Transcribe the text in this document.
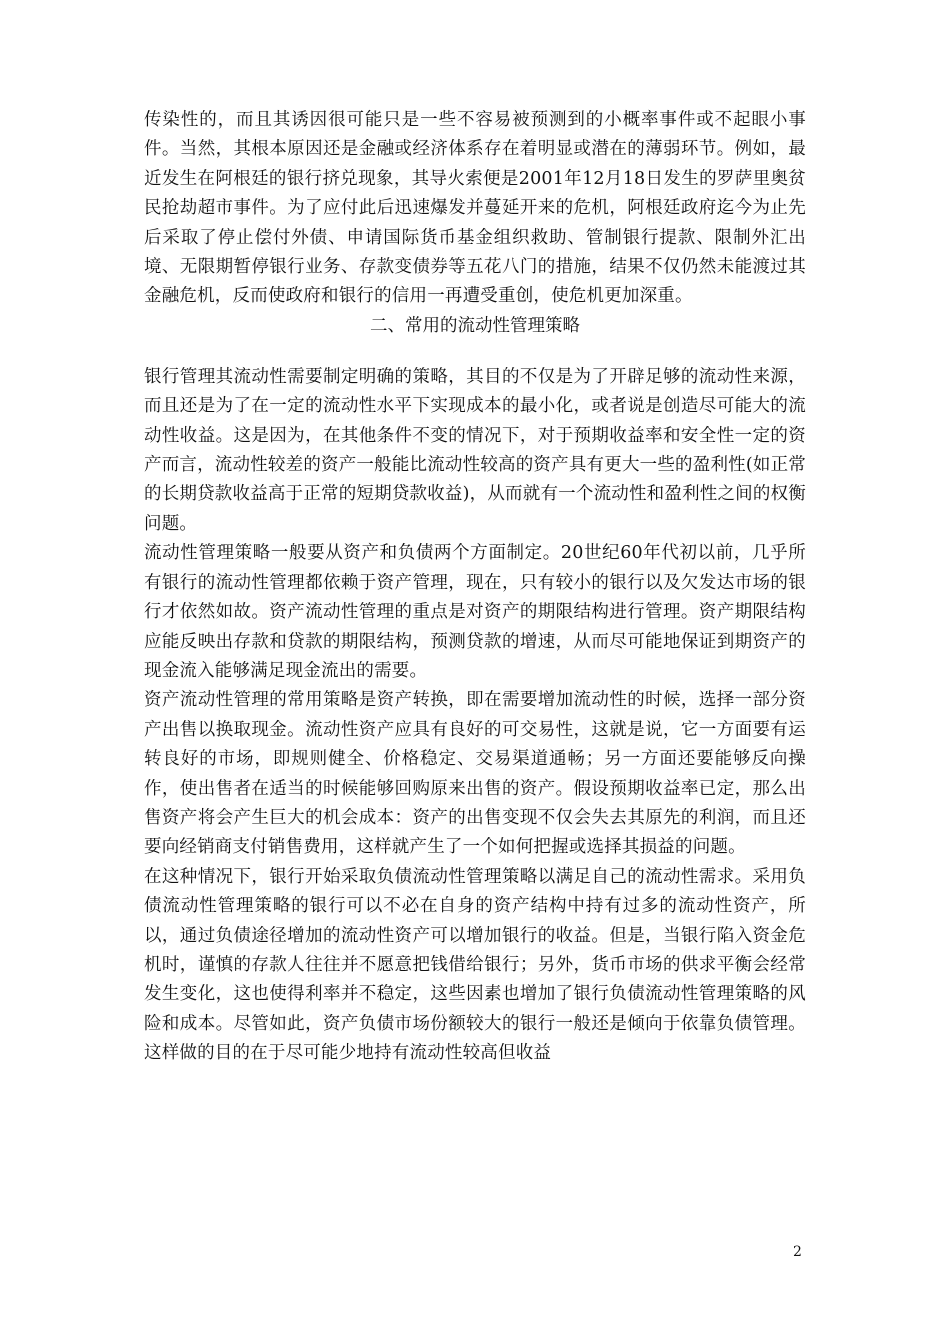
传染性的，而且其诱因很可能只是一些不容易被预测到的小概率事件或不起眼小事件。当然，其根本原因还是金融或经济体系存在着明显或潜在的薄弱环节。例如，最近发生在阿根廷的银行挤兑现象，其导火索便是2001年12月18日发生的罗萨里奥贫民抢劫超市事件。为了应付此后迅速爆发并蔓延开来的危机，阿根廷政府迄今为止先后采取了停止偿付外债、申请国际货币基金组织救助、管制银行提款、限制外汇出境、无限期暂停银行业务、存款变债券等五花八门的措施，结果不仅仍然未能渡过其金融危机，反而使政府和银行的信用一再遭受重创，使危机更加深重。

二、常用的流动性管理策略

银行管理其流动性需要制定明确的策略，其目的不仅是为了开辟足够的流动性来源，而且还是为了在一定的流动性水平下实现成本的最小化，或者说是创造尽可能大的流动性收益。这是因为，在其他条件不变的情况下，对于预期收益率和安全性一定的资产而言，流动性较差的资产一般能比流动性较高的资产具有更大一些的盈利性(如正常的长期贷款收益高于正常的短期贷款收益)，从而就有一个流动性和盈利性之间的权衡问题。

流动性管理策略一般要从资产和负债两个方面制定。20世纪60年代初以前，几乎所有银行的流动性管理都依赖于资产管理，现在，只有较小的银行以及欠发达市场的银行才依然如故。资产流动性管理的重点是对资产的期限结构进行管理。资产期限结构应能反映出存款和贷款的期限结构，预测贷款的增速，从而尽可能地保证到期资产的现金流入能够满足现金流出的需要。

资产流动性管理的常用策略是资产转换，即在需要增加流动性的时候，选择一部分资产出售以换取现金。流动性资产应具有良好的可交易性，这就是说，它一方面要有运转良好的市场，即规则健全、价格稳定、交易渠道通畅；另一方面还要能够反向操作，使出售者在适当的时候能够回购原来出售的资产。假设预期收益率已定，那么出售资产将会产生巨大的机会成本：资产的出售变现不仅会失去其原先的利润，而且还要向经销商支付销售费用，这样就产生了一个如何把握或选择其损益的问题。

在这种情况下，银行开始采取负债流动性管理策略以满足自己的流动性需求。采用负债流动性管理策略的银行可以不必在自身的资产结构中持有过多的流动性资产，所以，通过负债途径增加的流动性资产可以增加银行的收益。但是，当银行陷入资金危机时，谨慎的存款人往往并不愿意把钱借给银行；另外，货币市场的供求平衡会经常发生变化，这也使得利率并不稳定，这些因素也增加了银行负债流动性管理策略的风险和成本。尽管如此，资产负债市场份额较大的银行一般还是倾向于依靠负债管理。这样做的目的在于尽可能少地持有流动性较高但收益

2
